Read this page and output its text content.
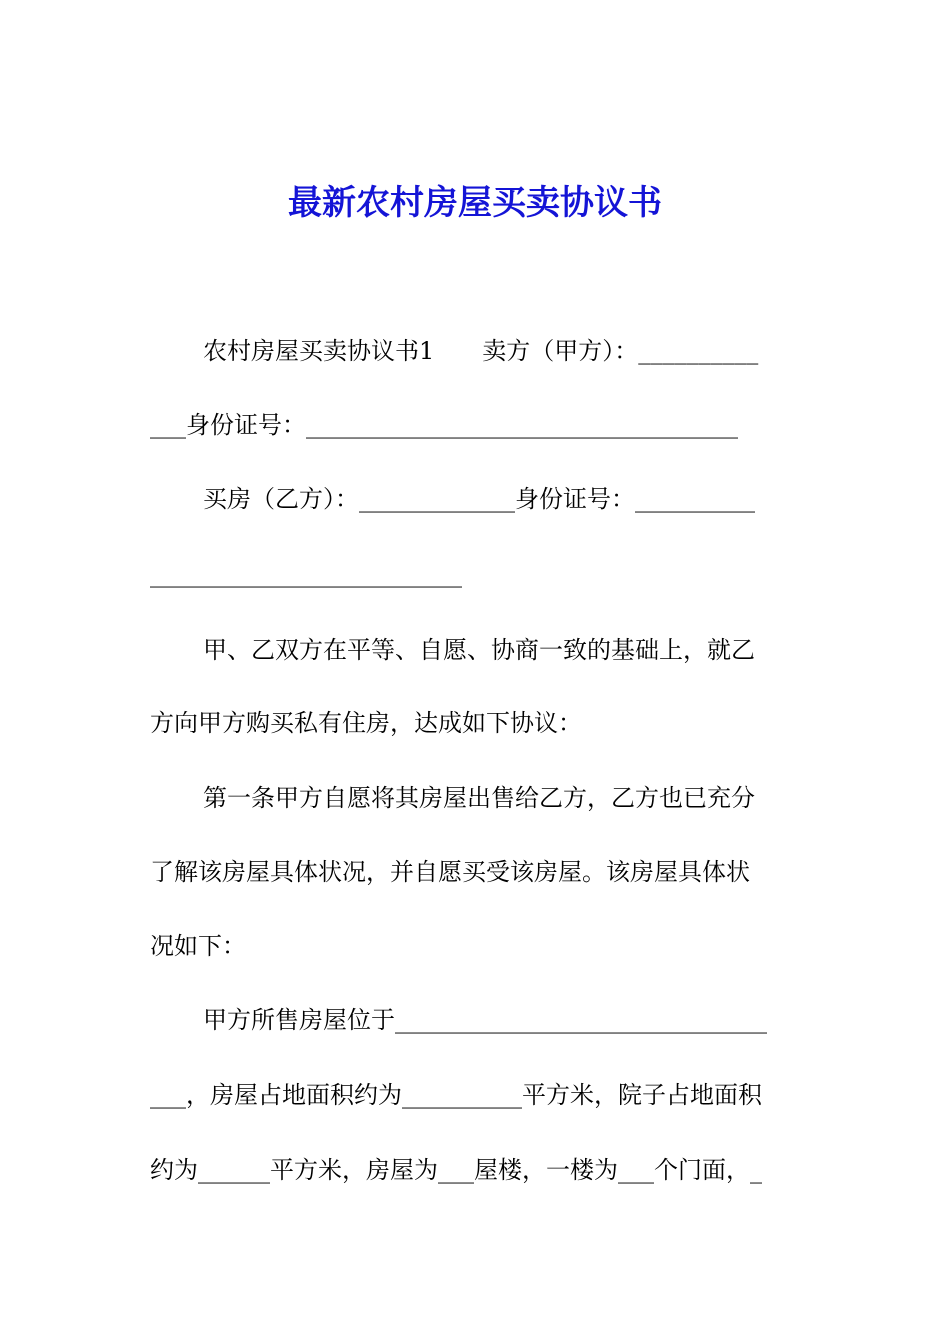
最新农村房屋买卖协议书
农村房屋买卖协议书1　　卖方（甲方）：__________
___身份证号：____________________________________
买房（乙方）：_____________身份证号：__________
__________________________
甲、乙双方在平等、自愿、协商一致的基础上，就乙
方向甲方购买私有住房，达成如下协议：
第一条甲方自愿将其房屋出售给乙方，乙方也已充分
了解该房屋具体状况，并自愿买受该房屋。该房屋具体状
况如下：
甲方所售房屋位于_______________________________
___，房屋占地面积约为__________平方米，院子占地面积
约为______平方米，房屋为___屋楼，一楼为___个门面，_
